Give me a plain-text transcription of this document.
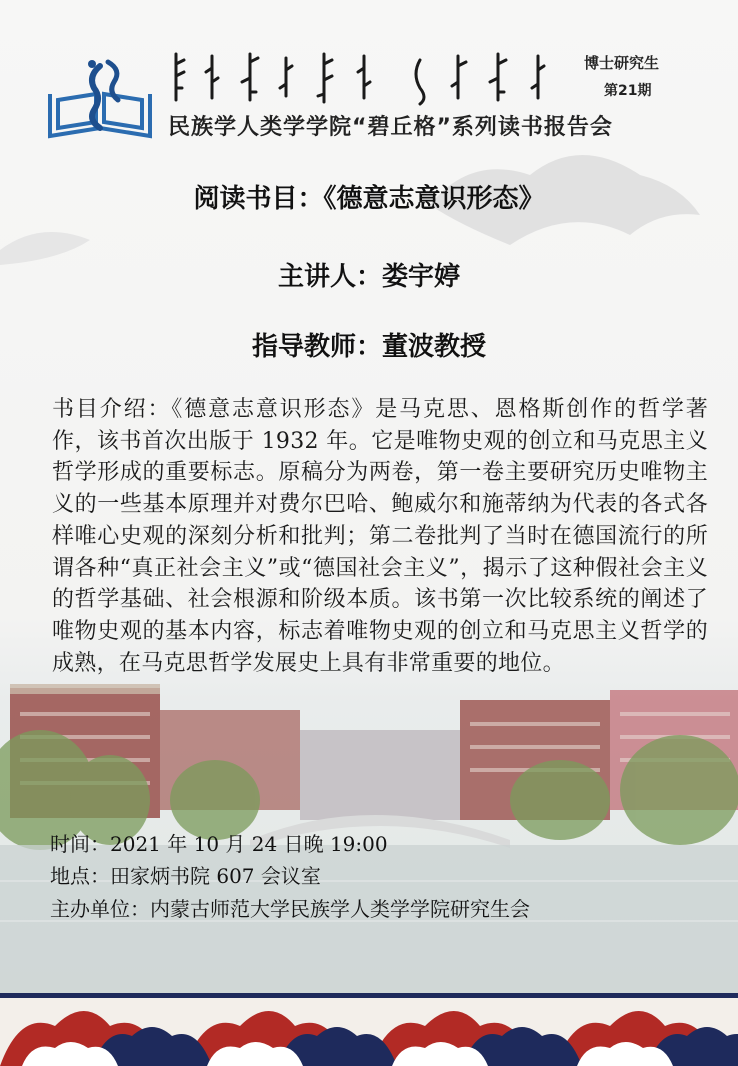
ᠦᠨᠳᠦᠰᠦᠲᠡᠨ ᠦ ᠰᠤᠳᠤᠯᠭ᠎ᠠ ᠪᠢᠴᠢᠭ ᠤᠨ ᠤᠩᠰᠢᠯᠭ᠎ᠠ
博士研究生
第21期
民族学人类学学院“碧丘格”系列读书报告会
阅读书目：《德意志意识形态》
主讲人：娄宇婷
指导教师：董波教授
书目介绍：《德意志意识形态》是马克思、恩格斯创作的哲学著作，该书首次出版于 1932 年。它是唯物史观的创立和马克思主义哲学形成的重要标志。原稿分为两卷，第一卷主要研究历史唯物主义的一些基本原理并对费尔巴哈、鲍威尔和施蒂纳为代表的各式各样唯心史观的深刻分析和批判；第二卷批判了当时在德国流行的所谓各种“真正社会主义”或“德国社会主义”，揭示了这种假社会主义的哲学基础、社会根源和阶级本质。该书第一次比较系统的阐述了唯物史观的基本内容，标志着唯物史观的创立和马克思主义哲学的成熟，在马克思哲学发展史上具有非常重要的地位。
时间：2021 年 10 月 24 日晚 19:00
地点：田家炳书院 607 会议室
主办单位：内蒙古师范大学民族学人类学学院研究生会
